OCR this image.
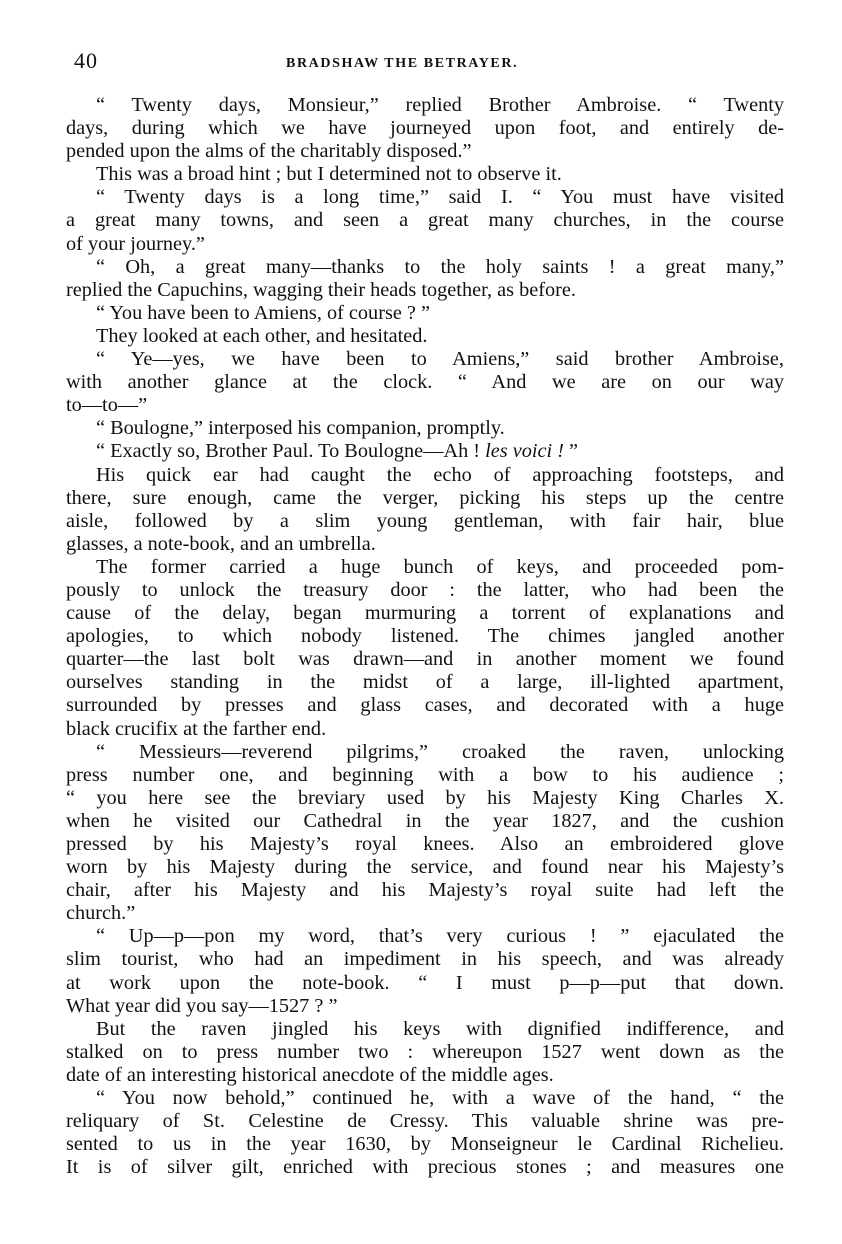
40	BRADSHAW THE BETRAYER.
“ Twenty days, Monsieur,” replied Brother Ambroise. “ Twenty
days, during which we have journeyed upon foot, and entirely de-
pended upon the alms of the charitably disposed.”
This was a broad hint ; but I determined not to observe it.
“ Twenty days is a long time,” said I. “ You must have visited
a great many towns, and seen a great many churches, in the course
of your journey.”
“ Oh, a great many—thanks to the holy saints ! a great many,”
replied the Capuchins, wagging their heads together, as before.
“ You have been to Amiens, of course ? ”
They looked at each other, and hesitated.
“ Ye—yes, we have been to Amiens,” said brother Ambroise,
with another glance at the clock. “ And we are on our way
to—to—”
“ Boulogne,” interposed his companion, promptly.
“ Exactly so, Brother Paul. To Boulogne—Ah ! les voici ! ”
His quick ear had caught the echo of approaching footsteps, and
there, sure enough, came the verger, picking his steps up the centre
aisle, followed by a slim young gentleman, with fair hair, blue
glasses, a note-book, and an umbrella.
The former carried a huge bunch of keys, and proceeded pom-
pously to unlock the treasury door : the latter, who had been the
cause of the delay, began murmuring a torrent of explanations and
apologies, to which nobody listened. The chimes jangled another
quarter—the last bolt was drawn—and in another moment we found
ourselves standing in the midst of a large, ill-lighted apartment,
surrounded by presses and glass cases, and decorated with a huge
black crucifix at the farther end.
“ Messieurs—reverend pilgrims,” croaked the raven, unlocking
press number one, and beginning with a bow to his audience ;
“ you here see the breviary used by his Majesty King Charles X.
when he visited our Cathedral in the year 1827, and the cushion
pressed by his Majesty’s royal knees. Also an embroidered glove
worn by his Majesty during the service, and found near his Majesty’s
chair, after his Majesty and his Majesty’s royal suite had left the
church.”
“ Up—p—pon my word, that’s very curious ! ” ejaculated the
slim tourist, who had an impediment in his speech, and was already
at work upon the note-book. “ I must p—p—put that down.
What year did you say—1527 ? ”
But the raven jingled his keys with dignified indifference, and
stalked on to press number two : whereupon 1527 went down as the
date of an interesting historical anecdote of the middle ages.
“ You now behold,” continued he, with a wave of the hand, “ the
reliquary of St. Celestine de Cressy. This valuable shrine was pre-
sented to us in the year 1630, by Monseigneur le Cardinal Richelieu.
It is of silver gilt, enriched with precious stones ; and measures one
